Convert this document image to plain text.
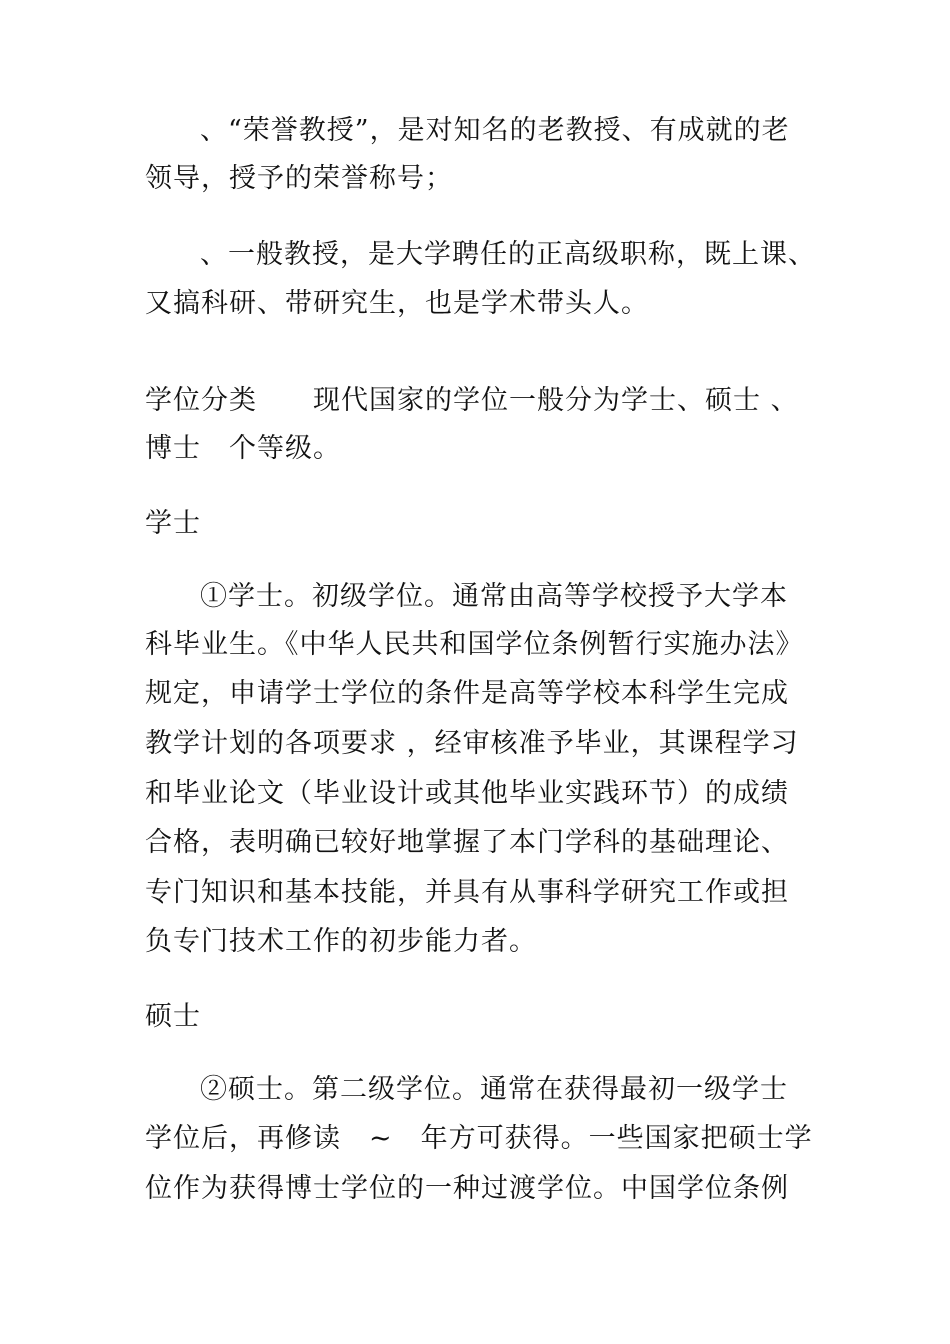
　、“荣誉教授”，是对知名的老教授、有成就的老
领导，授予的荣誉称号；
　、一般教授，是大学聘任的正高级职称，既上课、
又搞科研、带研究生，也是学术带头人。
学位分类　　现代国家的学位一般分为学士、硕士 、
博士　个等级。
学士
　①学士。初级学位。通常由高等学校授予大学本
科毕业生。《中华人民共和国学位条例暂行实施办法》
规定，申请学士学位的条件是高等学校本科学生完成
教学计划的各项要求 ，经审核准予毕业，其课程学习
和毕业论文（毕业设计或其他毕业实践环节）的成绩
合格，表明确已较好地掌握了本门学科的基础理论、
专门知识和基本技能，并具有从事科学研究工作或担
负专门技术工作的初步能力者。
硕士
　②硕士。第二级学位。通常在获得最初一级学士
学位后，再修读　~　年方可获得。一些国家把硕士学
位作为获得博士学位的一种过渡学位。中国学位条例
